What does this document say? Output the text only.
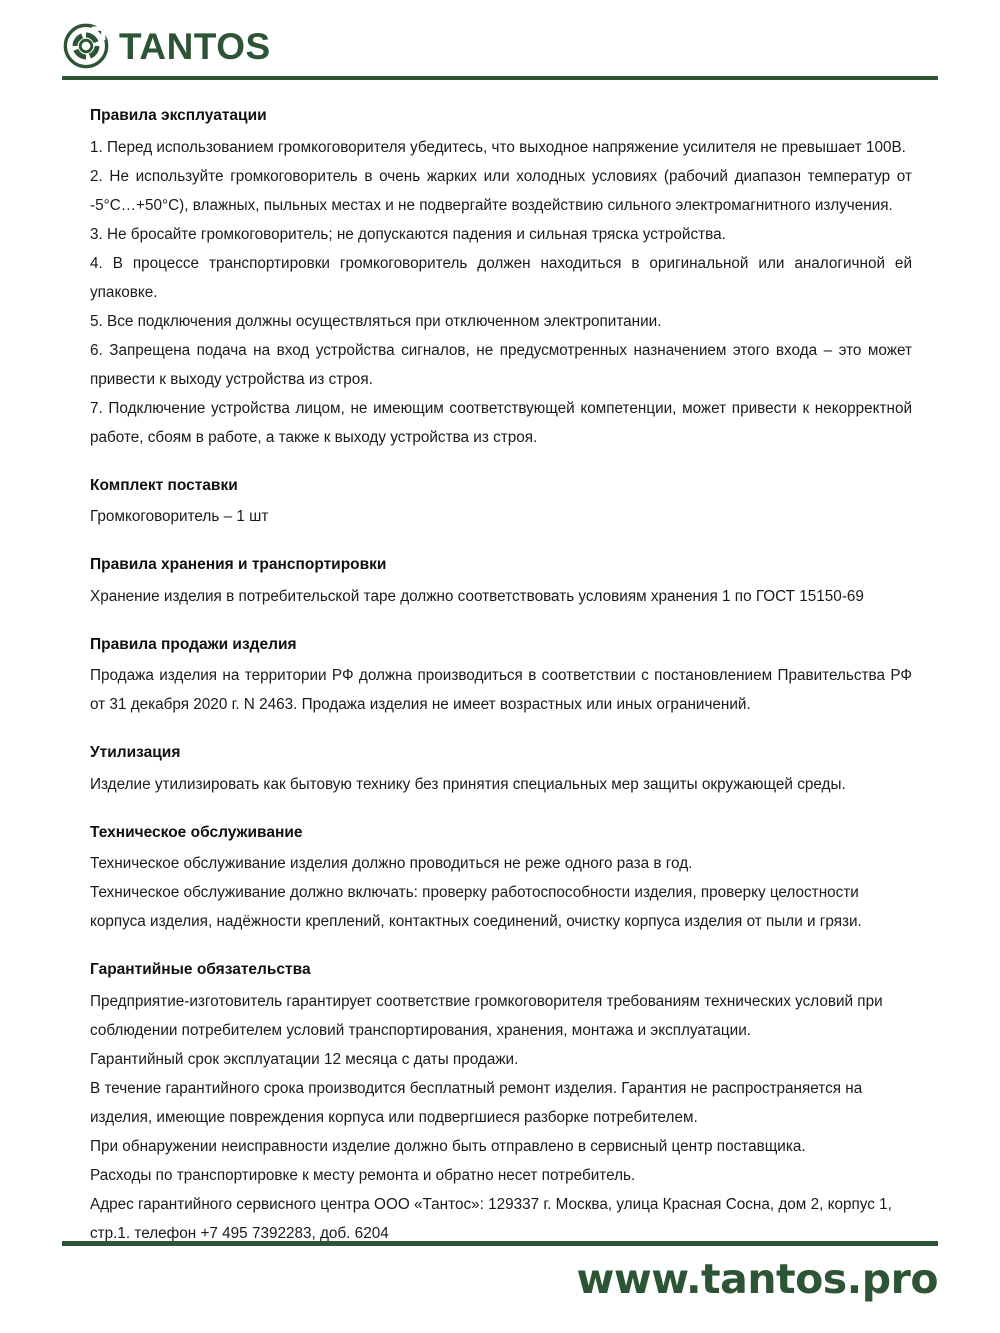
TANTOS
Правила эксплуатации

1. Перед использованием громкоговорителя убедитесь, что выходное напряжение усилителя не превышает 100В.

2. Не используйте громкоговоритель в очень жарких или холодных условиях (рабочий диапазон температур от -5°С…+50°С), влажных, пыльных местах и не подвергайте воздействию сильного электромагнитного излучения.

3. Не бросайте громкоговоритель; не допускаются падения и сильная тряска устройства.

4. В процессе транспортировки громкоговоритель должен находиться в оригинальной или аналогичной ей упаковке.

5. Все подключения должны осуществляться при отключенном электропитании.

6. Запрещена подача на вход устройства сигналов, не предусмотренных назначением этого входа – это может привести к выходу устройства из строя.

7. Подключение устройства лицом, не имеющим соответствующей компетенции, может привести к некорректной работе, сбоям в работе, а также к выходу устройства из строя.

Комплект поставки

Громкоговоритель – 1 шт

Правила хранения и транспортировки

Хранение изделия в потребительской таре должно соответствовать условиям хранения 1 по ГОСТ 15150-69

Правила продажи изделия

Продажа изделия на территории РФ должна производиться в соответствии с постановлением Правительства РФ от 31 декабря 2020 г. N 2463. Продажа изделия не имеет возрастных или иных ограничений.

Утилизация

Изделие утилизировать как бытовую технику без принятия специальных мер защиты окружающей среды.

Техническое обслуживание

Техническое обслуживание изделия должно проводиться не реже одного раза в год.

Техническое обслуживание должно включать: проверку работоспособности изделия, проверку целостности корпуса изделия, надёжности креплений, контактных соединений, очистку корпуса изделия от пыли и грязи.

Гарантийные обязательства

Предприятие-изготовитель гарантирует соответствие громкоговорителя требованиям технических условий при соблюдении потребителем условий транспортирования, хранения, монтажа и эксплуатации.

Гарантийный срок эксплуатации 12 месяца с даты продажи.

В течение гарантийного срока производится бесплатный ремонт изделия. Гарантия не распространяется на изделия, имеющие повреждения корпуса или подвергшиеся разборке потребителем.

При обнаружении неисправности изделие должно быть отправлено в сервисный центр поставщика.

Расходы по транспортировке к месту ремонта и обратно несет потребитель.

Адрес гарантийного сервисного центра ООО «Тантос»: 129337 г. Москва, улица Красная Сосна, дом 2, корпус 1, стр.1. телефон +7 495 7392283, доб. 6204

www.tantos.pro
